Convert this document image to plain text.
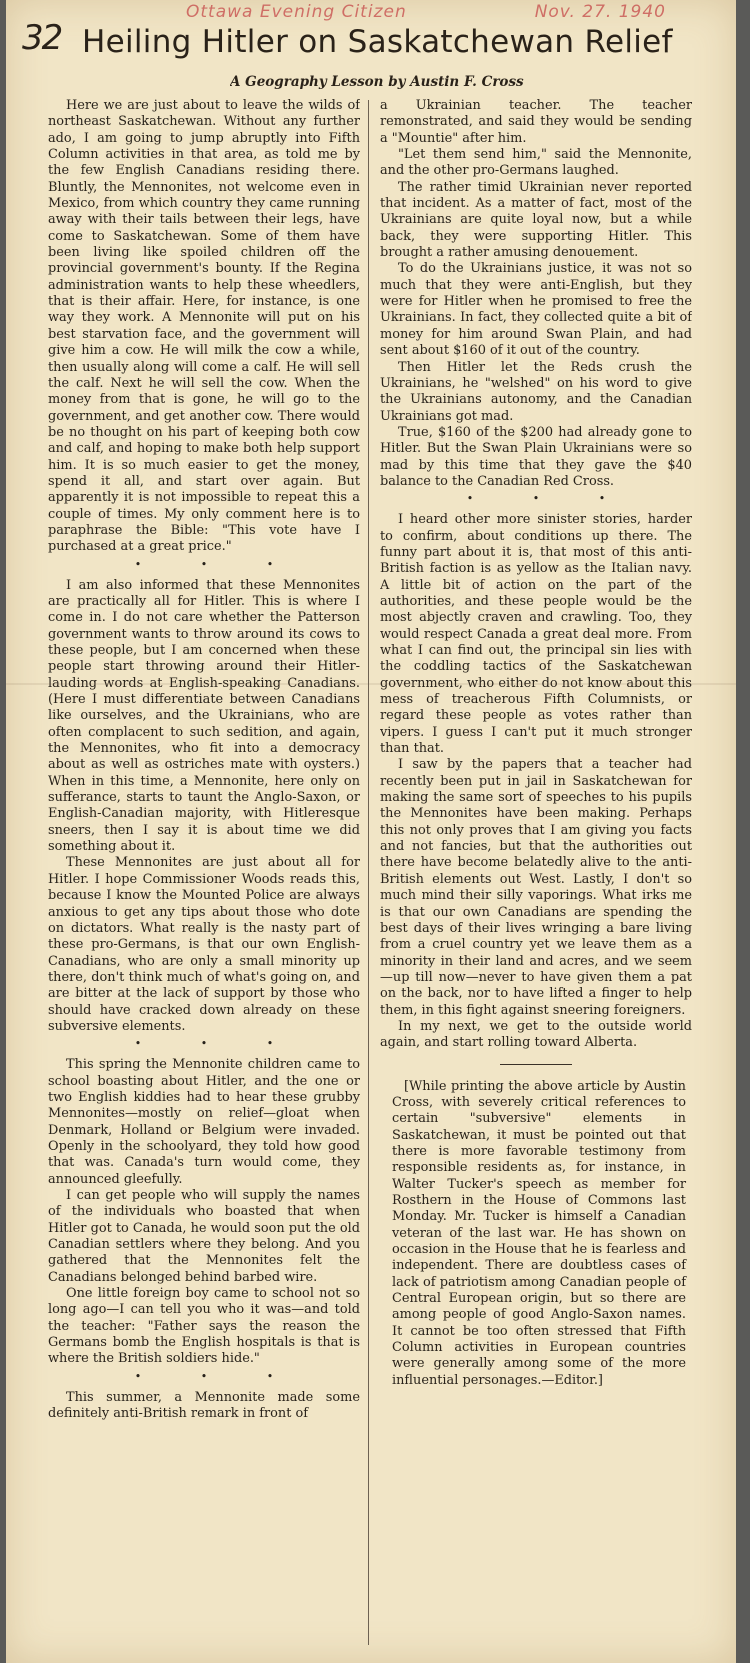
Ottawa Evening Citizen	Nov. 27. 1940
32 Heiling Hitler on Saskatchewan Relief
A Geography Lesson by Austin F. Cross

Here we are just about to leave the wilds of northeast Saskatchewan. Without any further ado, I am going to jump abruptly into Fifth Column activities in that area, as told me by the few English Canadians residing there. Bluntly, the Mennonites, not welcome even in Mexico, from which country they came running away with their tails between their legs, have come to Saskatchewan. Some of them have been living like spoiled children off the provincial government's bounty. If the Regina administration wants to help these wheedlers, that is their affair. Here, for instance, is one way they work. A Mennonite will put on his best starvation face, and the government will give him a cow. He will milk the cow a while, then usually along will come a calf. He will sell the calf. Next he will sell the cow. When the money from that is gone, he will go to the government, and get another cow. There would be no thought on his part of keeping both cow and calf, and hoping to make both help support him. It is so much easier to get the money, spend it all, and start over again. But apparently it is not impossible to repeat this a couple of times. My only comment here is to paraphrase the Bible: "This vote have I purchased at a great price."

• • •

I am also informed that these Mennonites are practically all for Hitler. This is where I come in. I do not care whether the Patterson government wants to throw around its cows to these people, but I am concerned when these people start throwing around their Hitler-lauding words at English-speaking Canadians. (Here I must differentiate between Canadians like ourselves, and the Ukrainians, who are often complacent to such sedition, and again, the Mennonites, who fit into a democracy about as well as ostriches mate with oysters.) When in this time, a Mennonite, here only on sufferance, starts to taunt the Anglo-Saxon, or English-Canadian majority, with Hitleresque sneers, then I say it is about time we did something about it.

These Mennonites are just about all for Hitler. I hope Commissioner Woods reads this, because I know the Mounted Police are always anxious to get any tips about those who dote on dictators. What really is the nasty part of these pro-Germans, is that our own English-Canadians, who are only a small minority up there, don't think much of what's going on, and are bitter at the lack of support by those who should have cracked down already on these subversive elements.

• • •

This spring the Mennonite children came to school boasting about Hitler, and the one or two English kiddies had to hear these grubby Mennonites—mostly on relief—gloat when Denmark, Holland or Belgium were invaded. Openly in the schoolyard, they told how good that was. Canada's turn would come, they announced gleefully.

I can get people who will supply the names of the individuals who boasted that when Hitler got to Canada, he would soon put the old Canadian settlers where they belong. And you gathered that the Mennonites felt the Canadians belonged behind barbed wire.

One little foreign boy came to school not so long ago—I can tell you who it was—and told the teacher: "Father says the reason the Germans bomb the English hospitals is that is where the British soldiers hide."

• • •

This summer, a Mennonite made some definitely anti-British remark in front of

a Ukrainian teacher. The teacher remonstrated, and said they would be sending a "Mountie" after him.

"Let them send him," said the Mennonite, and the other pro-Germans laughed.

The rather timid Ukrainian never reported that incident. As a matter of fact, most of the Ukrainians are quite loyal now, but a while back, they were supporting Hitler. This brought a rather amusing denouement.

To do the Ukrainians justice, it was not so much that they were anti-English, but they were for Hitler when he promised to free the Ukrainians. In fact, they collected quite a bit of money for him around Swan Plain, and had sent about $160 of it out of the country.

Then Hitler let the Reds crush the Ukrainians, he "welshed" on his word to give the Ukrainians autonomy, and the Canadian Ukrainians got mad.

True, $160 of the $200 had already gone to Hitler. But the Swan Plain Ukrainians were so mad by this time that they gave the $40 balance to the Canadian Red Cross.

• • •

I heard other more sinister stories, harder to confirm, about conditions up there. The funny part about it is, that most of this anti-British faction is as yellow as the Italian navy. A little bit of action on the part of the authorities, and these people would be the most abjectly craven and crawling. Too, they would respect Canada a great deal more. From what I can find out, the principal sin lies with the coddling tactics of the Saskatchewan government, who either do not know about this mess of treacherous Fifth Columnists, or regard these people as votes rather than vipers. I guess I can't put it much stronger than that.

I saw by the papers that a teacher had recently been put in jail in Saskatchewan for making the same sort of speeches to his pupils the Mennonites have been making. Perhaps this not only proves that I am giving you facts and not fancies, but that the authorities out there have become belatedly alive to the anti-British elements out West. Lastly, I don't so much mind their silly vaporings. What irks me is that our own Canadians are spending the best days of their lives wringing a bare living from a cruel country yet we leave them as a minority in their land and acres, and we seem—up till now—never to have given them a pat on the back, nor to have lifted a finger to help them, in this fight against sneering foreigners.

In my next, we get to the outside world again, and start rolling toward Alberta.

[While printing the above article by Austin Cross, with severely critical references to certain "subversive" elements in Saskatchewan, it must be pointed out that there is more favorable testimony from responsible residents as, for instance, in Walter Tucker's speech as member for Rosthern in the House of Commons last Monday. Mr. Tucker is himself a Canadian veteran of the last war. He has shown on occasion in the House that he is fearless and independent. There are doubtless cases of lack of patriotism among Canadian people of Central European origin, but so there are among people of good Anglo-Saxon names. It cannot be too often stressed that Fifth Column activities in European countries were generally among some of the more influential personages.—Editor.]
